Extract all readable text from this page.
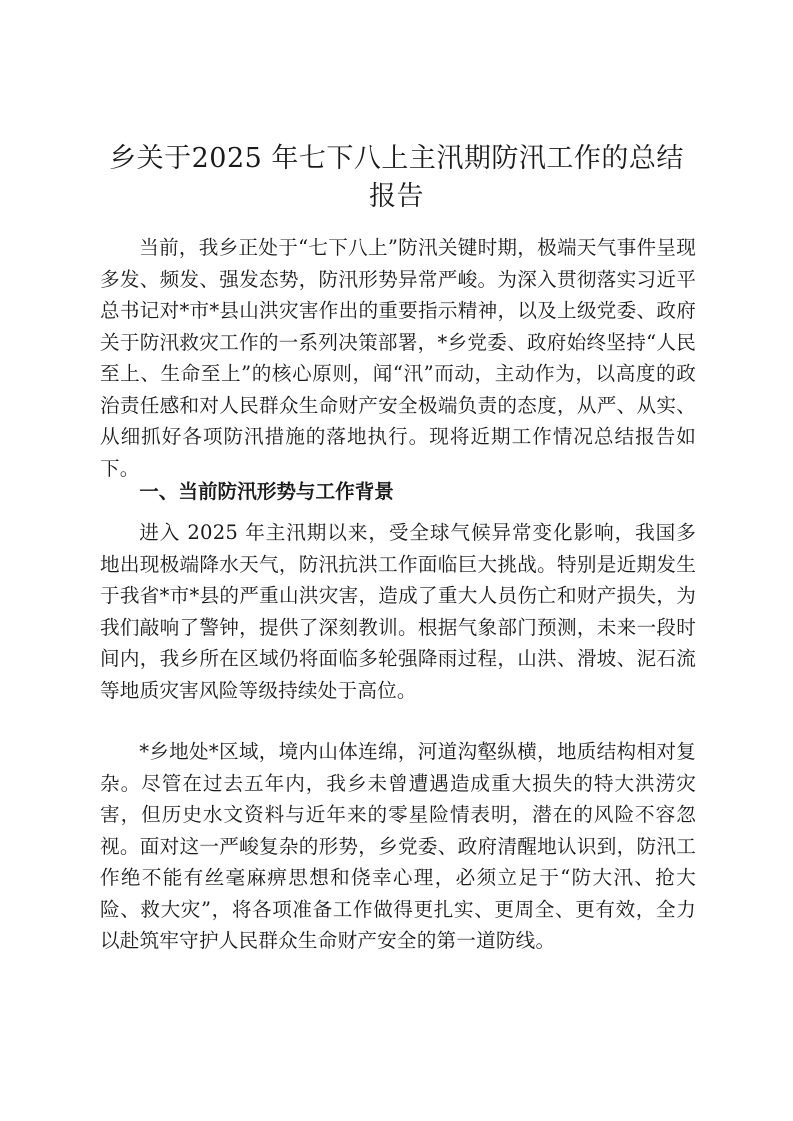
乡关于2025 年七下八上主汛期防汛工作的总结报告

当前，我乡正处于“七下八上”防汛关键时期，极端天气事件呈现多发、频发、强发态势，防汛形势异常严峻。为深入贯彻落实习近平总书记对*市*县山洪灾害作出的重要指示精神，以及上级党委、政府关于防汛救灾工作的一系列决策部署，*乡党委、政府始终坚持“人民至上、生命至上”的核心原则，闻“汛”而动，主动作为，以高度的政治责任感和对人民群众生命财产安全极端负责的态度，从严、从实、从细抓好各项防汛措施的落地执行。现将近期工作情况总结报告如下。

一、当前防汛形势与工作背景

进入 2025 年主汛期以来，受全球气候异常变化影响，我国多地出现极端降水天气，防汛抗洪工作面临巨大挑战。特别是近期发生于我省*市*县的严重山洪灾害，造成了重大人员伤亡和财产损失，为我们敲响了警钟，提供了深刻教训。根据气象部门预测，未来一段时间内，我乡所在区域仍将面临多轮强降雨过程，山洪、滑坡、泥石流等地质灾害风险等级持续处于高位。

*乡地处*区域，境内山体连绵，河道沟壑纵横，地质结构相对复杂。尽管在过去五年内，我乡未曾遭遇造成重大损失的特大洪涝灾害，但历史水文资料与近年来的零星险情表明，潜在的风险不容忽视。面对这一严峻复杂的形势，乡党委、政府清醒地认识到，防汛工作绝不能有丝毫麻痹思想和侥幸心理，必须立足于“防大汛、抢大险、救大灾”，将各项准备工作做得更扎实、更周全、更有效，全力以赴筑牢守护人民群众生命财产安全的第一道防线。
